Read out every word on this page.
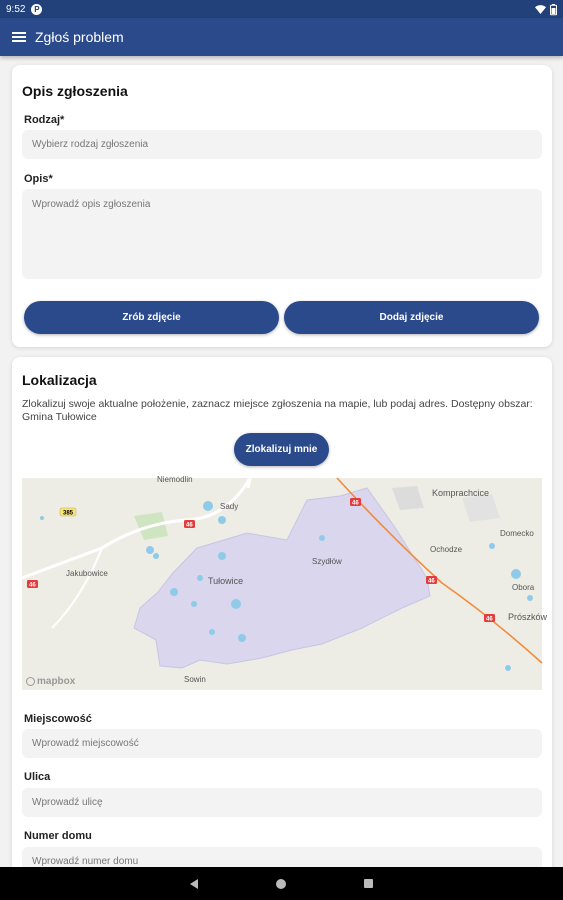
9:52	P
Zgłoś problem
Opis zgłoszenia
Rodzaj*
Wybierz rodzaj zgłoszenia
Opis*
Wprowadź opis zgłoszenia
Zrób zdjęcie	Dodaj zdjęcie
Lokalizacja
Zlokalizuj swoje aktualne położenie, zaznacz miejsce zgłoszenia na mapie, lub podaj adres. Dostępny obszar: Gmina Tułowice
Zlokalizuj mnie
385
46
46
46
46
46
Niemodlin
Sady
Jakubowice
Tułowice
Szydłów
Sowin
Komprachcice
Ochodze
Domecko
Obora
Prószków
mapbox
Miejscowość
Wprowadź miejscowość
Ulica
Wprowadź ulicę
Numer domu
Wprowadź numer domu
